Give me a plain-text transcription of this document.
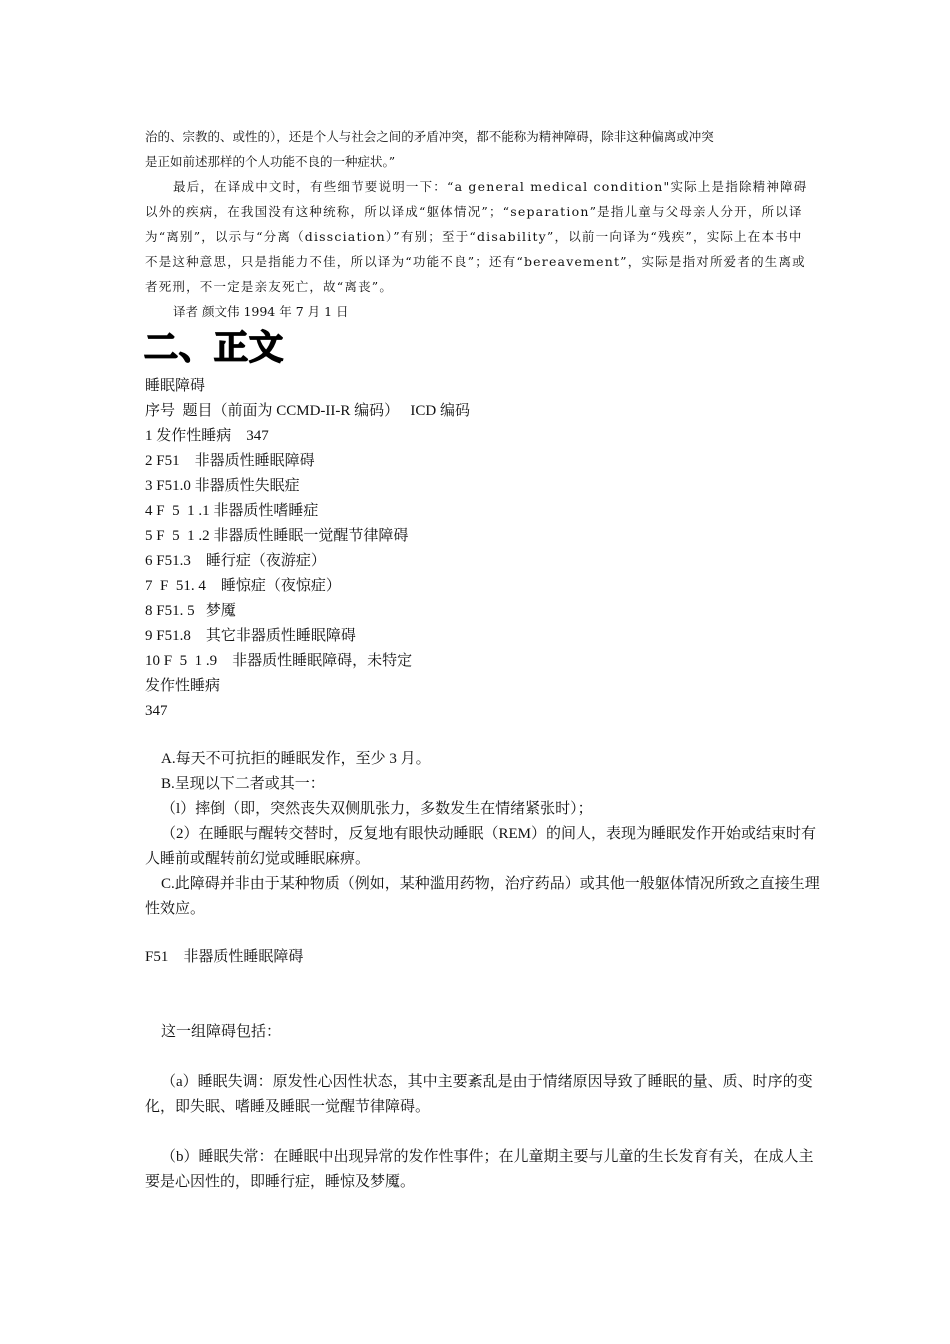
治的、宗教的、或性的），还是个人与社会之间的矛盾冲突，都不能称为精神障碍，除非这种偏离或冲突

是正如前述那样的个人功能不良的一种症状。”

最后，在译成中文时，有些细节要说明一下：“a general medical condition"实际上是指除精神障碍以外的疾病，在我国没有这种统称，所以译成“躯体情况”；“separation”是指儿童与父母亲人分开，所以译为“离别”，以示与“分离（dissciation）”有别；至于“disability”，以前一向译为“残疾”，实际上在本书中不是这种意思，只是指能力不佳，所以译为“功能不良”；还有“bereavement”，实际是指对所爱者的生离或者死刑，不一定是亲友死亡，故“离丧”。

译者 颜文伟 1994 年 7 月 1 日

二、正文
睡眠障碍
序号  题目（前面为 CCMD-II-R 编码）   ICD 编码
1 发作性睡病    347
2 F51    非器质性睡眠障碍
3 F51.0 非器质性失眠症
4 F  5  1 .1 非器质性嗜睡症
5 F  5  1 .2 非器质性睡眠一觉醒节律障碍
6 F51.3    睡行症（夜游症）
7  F  51. 4    睡惊症（夜惊症）
8 F51. 5   梦魇
9 F51.8    其它非器质性睡眠障碍
10 F  5  1 .9    非器质性睡眠障碍，未特定
发作性睡病
347

A.每天不可抗拒的睡眠发作，至少 3 月。

B.呈现以下二者或其一：

（l）摔倒（即，突然丧失双侧肌张力，多数发生在情绪紧张时）；

（2）在睡眠与醒转交替时，反复地有眼快动睡眠（REM）的间人，表现为睡眠发作开始或结束时有人睡前或醒转前幻觉或睡眠麻痹。

C.此障碍并非由于某种物质（例如，某种滥用药物，治疗药品）或其他一般躯体情况所致之直接生理性效应。

F51    非器质性睡眠障碍
这一组障碍包括：

（a）睡眠失调：原发性心因性状态，其中主要紊乱是由于情绪原因导致了睡眠的量、质、时序的变化，即失眠、嗜睡及睡眠一觉醒节律障碍。

（b）睡眠失常：在睡眠中出现异常的发作性事件；在儿童期主要与儿童的生长发育有关，在成人主要是心因性的，即睡行症，睡惊及梦魇。
